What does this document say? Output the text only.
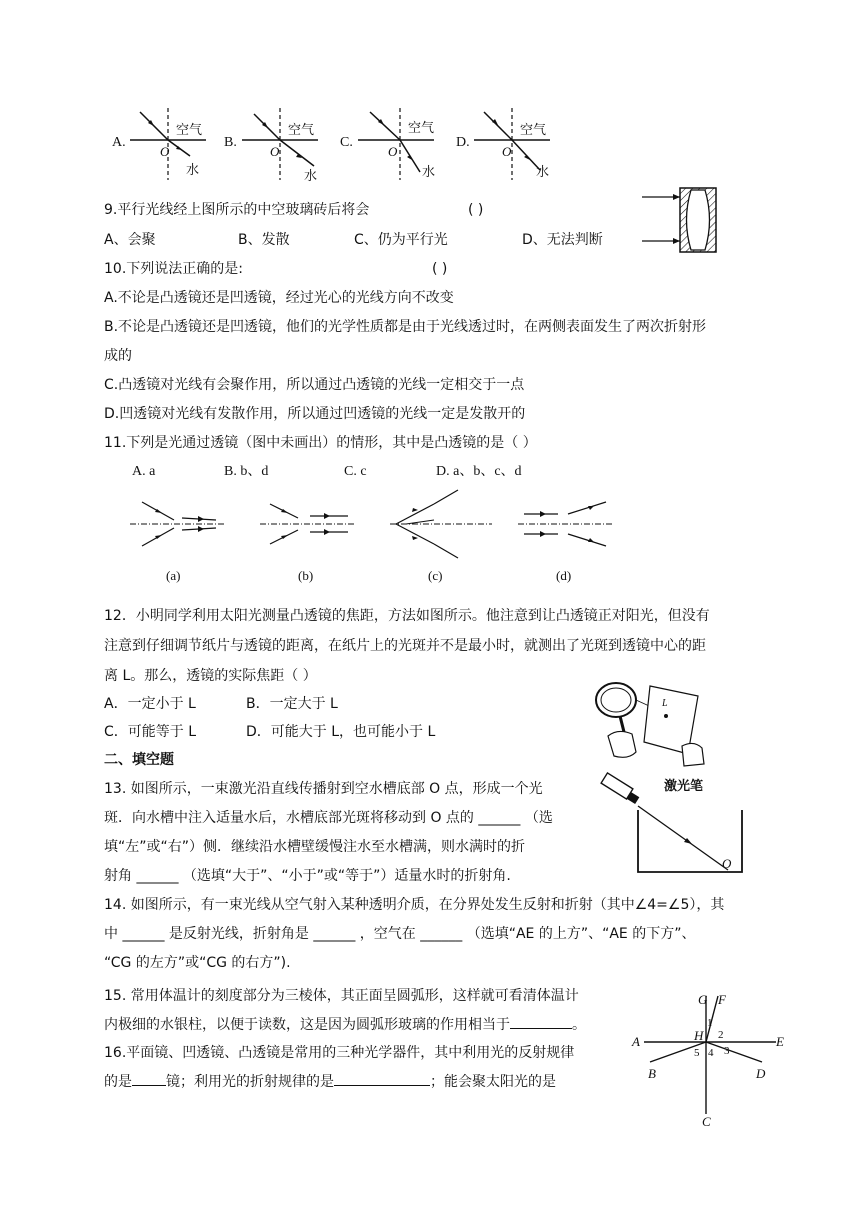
A.
O
空气
水
B.
O
空气
水
C.
O
空气
水
D.
O
空气
水
9.平行光线经上图所示的中空玻璃砖后将会	( )
A、会聚	B、发散	C、仍为平行光	D、无法判断
10.下列说法正确的是:	( )
A.不论是凸透镜还是凹透镜，经过光心的光线方向不改变
B.不论是凸透镜还是凹透镜，他们的光学性质都是由于光线透过时，在两侧表面发生了两次折射形
成的
C.凸透镜对光线有会聚作用，所以通过凸透镜的光线一定相交于一点
D.凹透镜对光线有发散作用，所以通过凹透镜的光线一定是发散开的
11.下列是光通过透镜（图中未画出）的情形，其中是凸透镜的是（ ）
A. a	B. b、d	C. c	D. a、b、c、d
(a)	(b)	(c)	(d)
12．小明同学利用太阳光测量凸透镜的焦距，方法如图所示。他注意到让凸透镜正对阳光，但没有
注意到仔细调节纸片与透镜的距离，在纸片上的光斑并不是最小时，就测出了光斑到透镜中心的距
离 L。那么，透镜的实际焦距（ ）
A．一定小于 L	B．一定大于 L
C．可能等于 L	D．可能大于 L，也可能小于 L
L
二、填空题
13. 如图所示，一束激光沿直线传播射到空水槽底部 O 点，形成一个光
斑．向水槽中注入适量水后，水槽底部光斑将移动到 O 点的 ______ （选
填“左”或“右”）侧．继续沿水槽壁缓慢注水至水槽满，则水满时的折
射角 ______ （选填“大于”、“小于”或“等于”）适量水时的折射角.
激光笔
O
14. 如图所示，有一束光线从空气射入某种透明介质，在分界处发生反射和折射（其中∠4=∠5），其
中 ______ 是反射光线，折射角是 ______ ，空气在 ______ （选填“AE 的上方”、“AE 的下方”、
“CG 的左方”或“CG 的右方”).
G F
A	E
B
C
D
H
1
2
3
4
5
15. 常用体温计的刻度部分为三棱体，其正面呈圆弧形，这样就可看清体温计
内极细的水银柱，以便于读数，这是因为圆弧形玻璃的作用相当于	。
16.平面镜、凹透镜、凸透镜是常用的三种光学器件，其中利用光的反射规律
的是 镜；利用光的折射规律的是	；能会聚太阳光的是
